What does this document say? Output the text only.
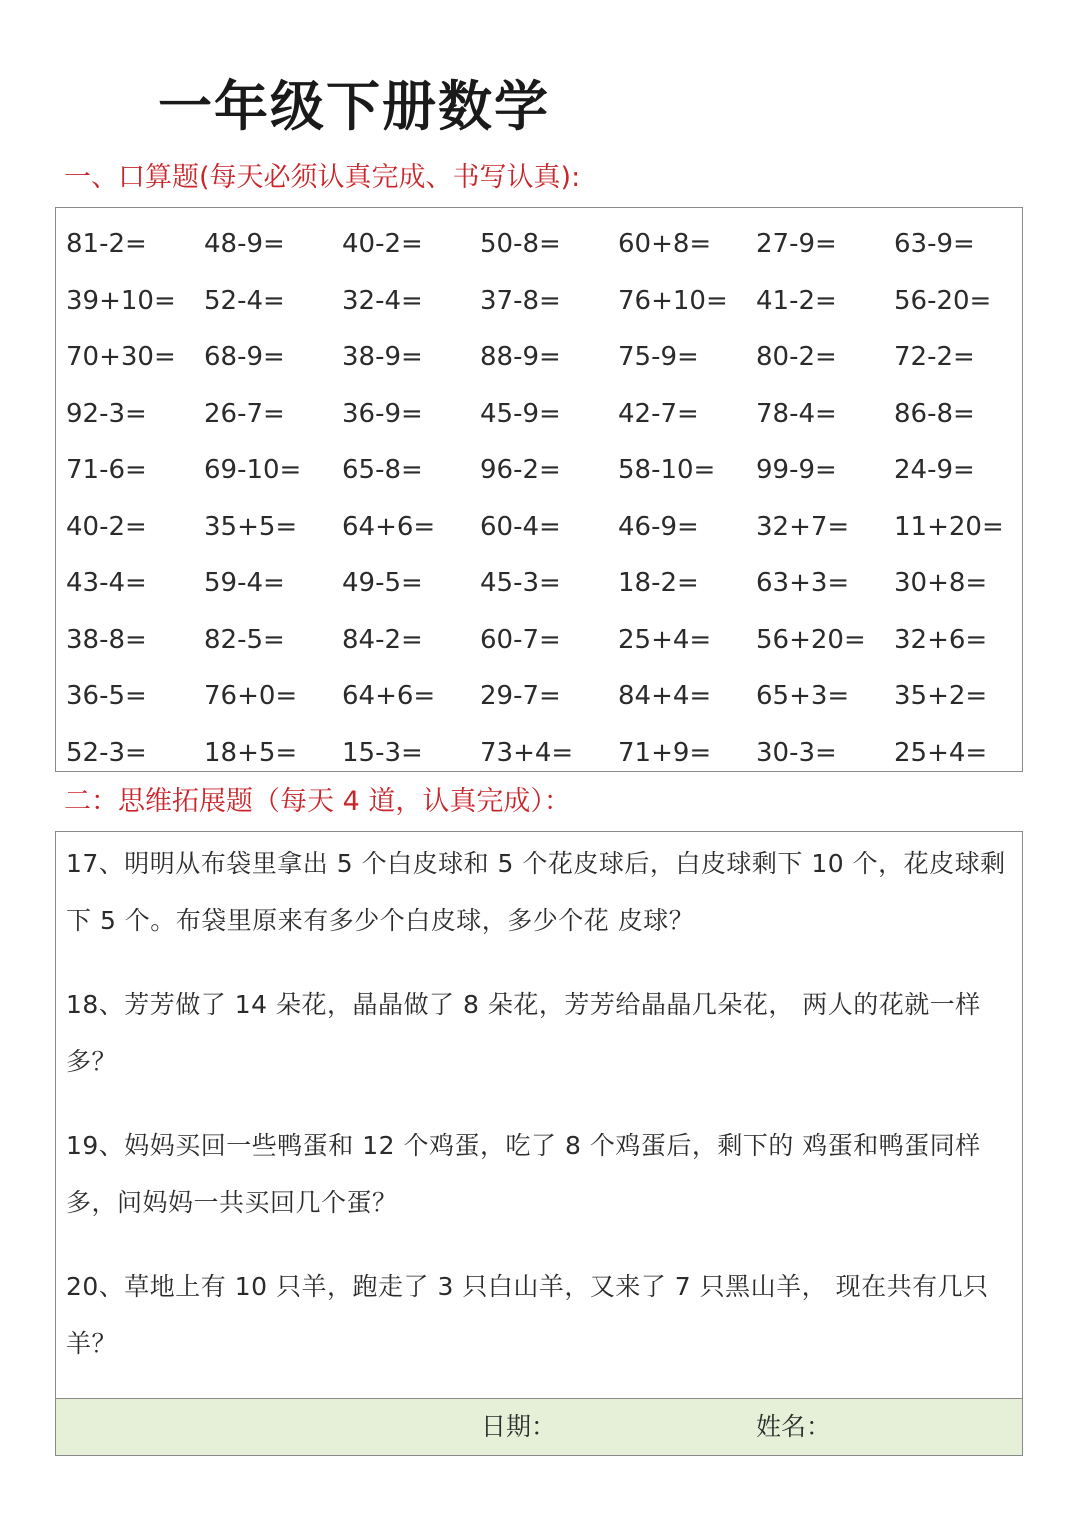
一年级下册数学
一、口算题(每天必须认真完成、书写认真):
81-2=	48-9=	40-2=	50-8=	60+8=	27-9=	63-9=
39+10=	52-4=	32-4=	37-8=	76+10=	41-2=	56-20=
70+30=	68-9=	38-9=	88-9=	75-9=	80-2=	72-2=
92-3=	26-7=	36-9=	45-9=	42-7=	78-4=	86-8=
71-6=	69-10=	65-8=	96-2=	58-10=	99-9=	24-9=
40-2=	35+5=	64+6=	60-4=	46-9=	32+7=	11+20=
43-4=	59-4=	49-5=	45-3=	18-2=	63+3=	30+8=
38-8=	82-5=	84-2=	60-7=	25+4=	56+20=	32+6=
36-5=	76+0=	64+6=	29-7=	84+4=	65+3=	35+2=
52-3=	18+5=	15-3=	73+4=	71+9=	30-3=	25+4=
二：思维拓展题（每天 4 道，认真完成）：
17、明明从布袋里拿出 5 个白皮球和 5 个花皮球后，白皮球剩下 10 个，花皮球剩下 5 个。布袋里原来有多少个白皮球，多少个花 皮球？
18、芳芳做了 14 朵花，晶晶做了 8 朵花，芳芳给晶晶几朵花， 两人的花就一样多？
19、妈妈买回一些鸭蛋和 12 个鸡蛋，吃了 8 个鸡蛋后，剩下的 鸡蛋和鸭蛋同样多，问妈妈一共买回几个蛋？
20、草地上有 10 只羊，跑走了 3 只白山羊，又来了 7 只黑山羊， 现在共有几只羊？
日期：	姓名：
